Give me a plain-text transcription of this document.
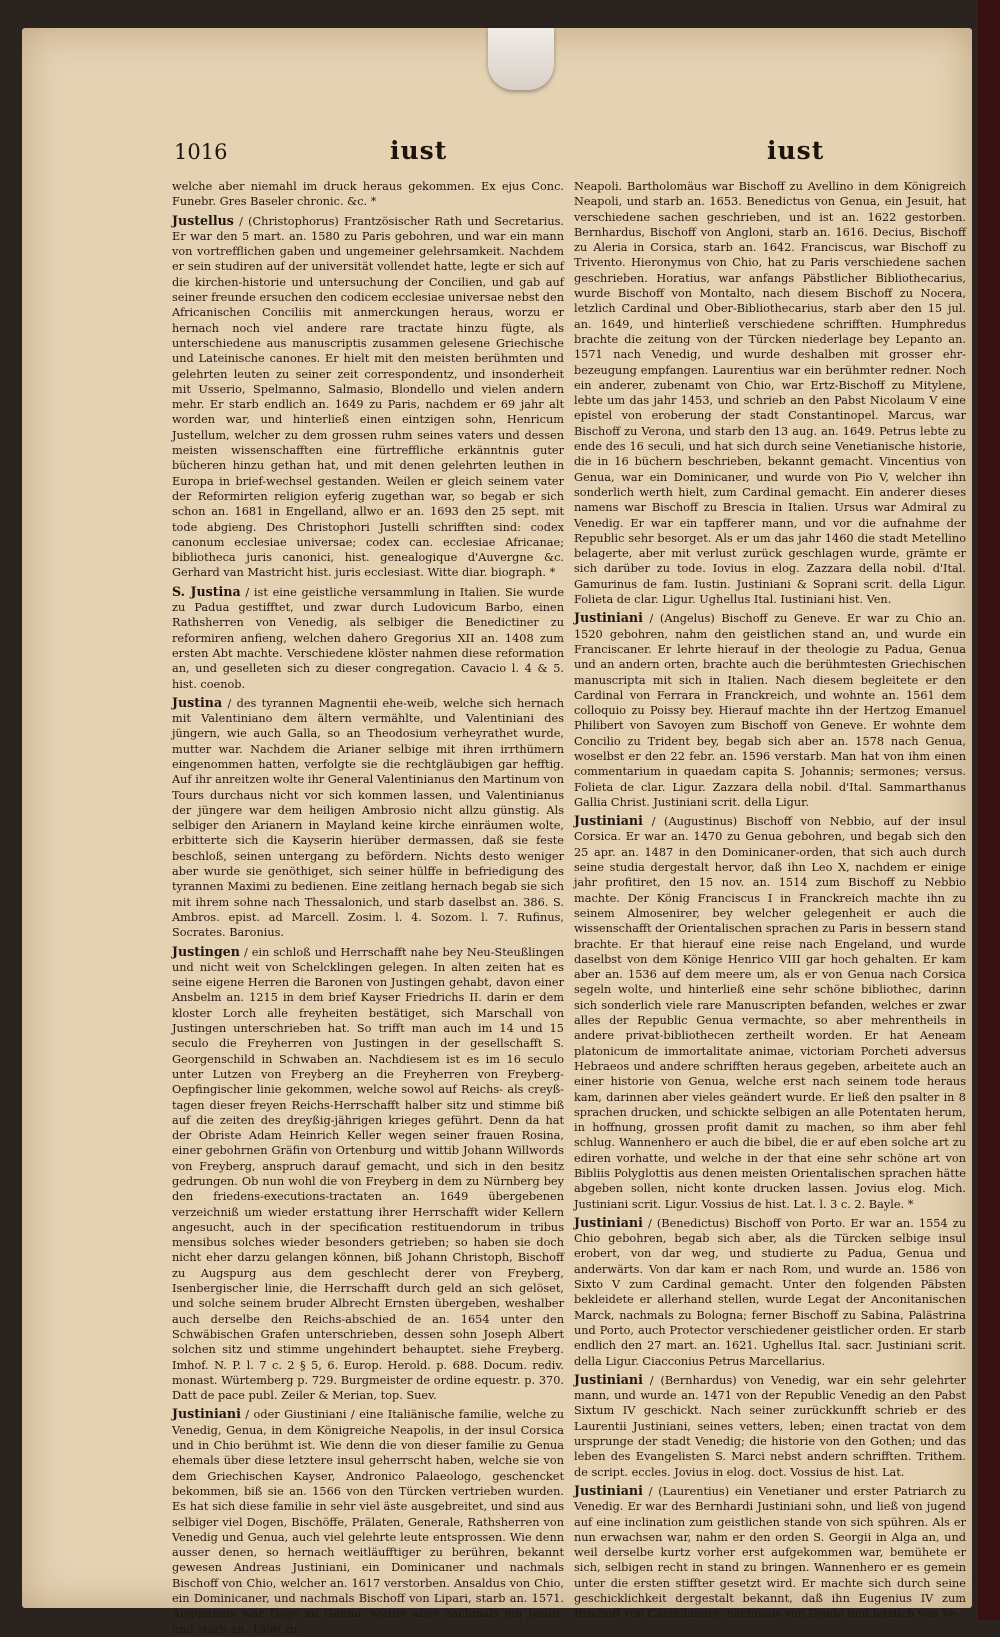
1016	iust	iust

welche aber niemahl im druck heraus gekommen. Ex ejus Conc. Funebr. Gres Baseler chronic. &c. *

Justellus / (Christophorus) Frantzösischer Rath und Secretarius. Er war den 5 mart. an. 1580 zu Paris gebohren, und war ein mann von vortrefflichen gaben und ungemeiner gelehrsamkeit. Nachdem er sein studiren auf der universität vollendet hatte, legte er sich auf die kirchen-historie und untersuchung der Concilien, und gab auf seiner freunde ersuchen den codicem ecclesiae universae nebst den Africanischen Conciliis mit anmerckungen heraus, worzu er hernach noch viel andere rare tractate hinzu fügte, als unterschiedene aus manuscriptis zusammen gelesene Griechische und Lateinische canones. Er hielt mit den meisten berühmten und gelehrten leuten zu seiner zeit correspondentz, und insonderheit mit Usserio, Spelmanno, Salmasio, Blondello und vielen andern mehr. Er starb endlich an. 1649 zu Paris, nachdem er 69 jahr alt worden war, und hinterließ einen eintzigen sohn, Henricum Justellum, welcher zu dem grossen ruhm seines vaters und dessen meisten wissenschafften eine fürtreffliche erkänntnis guter bücheren hinzu gethan hat, und mit denen gelehrten leuthen in Europa in brief-wechsel gestanden. Weilen er gleich seinem vater der Reformirten religion eyferig zugethan war, so begab er sich schon an. 1681 in Engelland, allwo er an. 1693 den 25 sept. mit tode abgieng. Des Christophori Justelli schrifften sind: codex canonum ecclesiae universae; codex can. ecclesiae Africanae; bibliotheca juris canonici, hist. genealogique d'Auvergne &c. Gerhard van Mastricht hist. juris ecclesiast. Witte diar. biograph. *

S. Justina / ist eine geistliche versammlung in Italien. Sie wurde zu Padua gestifftet, und zwar durch Ludovicum Barbo, einen Rathsherren von Venedig, als selbiger die Benedictiner zu reformiren anfieng, welchen dahero Gregorius XII an. 1408 zum ersten Abt machte. Verschiedene klöster nahmen diese reformation an, und geselleten sich zu dieser congregation. Cavacio l. 4 & 5. hist. coenob.

Justina / des tyrannen Magnentii ehe-weib, welche sich hernach mit Valentiniano dem ältern vermählte, und Valentiniani des jüngern, wie auch Galla, so an Theodosium verheyrathet wurde, mutter war. Nachdem die Arianer selbige mit ihren irrthümern eingenommen hatten, verfolgte sie die rechtgläubigen gar hefftig. Auf ihr anreitzen wolte ihr General Valentinianus den Martinum von Tours durchaus nicht vor sich kommen lassen, und Valentinianus der jüngere war dem heiligen Ambrosio nicht allzu günstig. Als selbiger den Arianern in Mayland keine kirche einräumen wolte, erbitterte sich die Kayserin hierüber dermassen, daß sie feste beschloß, seinen untergang zu befördern. Nichts desto weniger aber wurde sie genöthiget, sich seiner hülffe in befriedigung des tyrannen Maximi zu bedienen. Eine zeitlang hernach begab sie sich mit ihrem sohne nach Thessalonich, und starb daselbst an. 386. S. Ambros. epist. ad Marcell. Zosim. l. 4. Sozom. l. 7. Rufinus, Socrates. Baronius.

Justingen / ein schloß und Herrschafft nahe bey Neu-Steußlingen und nicht weit von Schelcklingen gelegen. In alten zeiten hat es seine eigene Herren die Baronen von Justingen gehabt, davon einer Ansbelm an. 1215 in dem brief Kayser Friedrichs II. darin er dem kloster Lorch alle freyheiten bestätiget, sich Marschall von Justingen unterschrieben hat. So trifft man auch im 14 und 15 seculo die Freyherren von Justingen in der gesellschafft S. Georgenschild in Schwaben an. Nachdiesem ist es im 16 seculo unter Lutzen von Freyberg an die Freyherren von Freyberg-Oepfingischer linie gekommen, welche sowol auf Reichs- als creyß-tagen dieser freyen Reichs-Herrschafft halber sitz und stimme biß auf die zeiten des dreyßig-jährigen krieges geführt. Denn da hat der Obriste Adam Heinrich Keller wegen seiner frauen Rosina, einer gebohrnen Gräfin von Ortenburg und wittib Johann Willwords von Freyberg, anspruch darauf gemacht, und sich in den besitz gedrungen. Ob nun wohl die von Freyberg in dem zu Nürnberg bey den friedens-executions-tractaten an. 1649 übergebenen verzeichniß um wieder erstattung ihrer Herrschafft wider Kellern angesucht, auch in der specification restituendorum in tribus mensibus solches wieder besonders getrieben; so haben sie doch nicht eher darzu gelangen können, biß Johann Christoph, Bischoff zu Augspurg aus dem geschlecht derer von Freyberg, Isenbergischer linie, die Herrschafft durch geld an sich gelöset, und solche seinem bruder Albrecht Ernsten übergeben, weshalber auch derselbe den Reichs-abschied de an. 1654 unter den Schwäbischen Grafen unterschrieben, dessen sohn Joseph Albert solchen sitz und stimme ungehindert behauptet. siehe Freyberg. Imhof. N. P. l. 7 c. 2 § 5, 6. Europ. Herold. p. 688. Docum. rediv. monast. Würtemberg p. 729. Burgmeister de ordine equestr. p. 370. Datt de pace publ. Zeiler & Merian, top. Suev.

Justiniani / oder Giustiniani / eine Italiänische familie, welche zu Venedig, Genua, in dem Königreiche Neapolis, in der insul Corsica und in Chio berühmt ist. Wie denn die von dieser familie zu Genua ehemals über diese letztere insul geherrscht haben, welche sie von dem Griechischen Kayser, Andronico Palaeologo, geschencket bekommen, biß sie an. 1566 von den Türcken vertrieben wurden. Es hat sich diese familie in sehr viel äste ausgebreitet, und sind aus selbiger viel Dogen, Bischöffe, Prälaten, Generale, Rathsherren von Venedig und Genua, auch viel gelehrte leute entsprossen. Wie denn ausser denen, so hernach weitläufftiger zu berühren, bekannt gewesen Andreas Justiniani, ein Dominicaner und nachmals Bischoff von Chio, welcher an. 1617 verstorben. Ansaldus von Chio, ein Dominicaner, und nachmals Bischoff von Lipari, starb an. 1571. Augustinus war Doge zu Genua, wurde aber nachmals ein Jesuit, und starb an. 1590 zu

Neapoli. Bartholomäus war Bischoff zu Avellino in dem Königreich Neapoli, und starb an. 1653. Benedictus von Genua, ein Jesuit, hat verschiedene sachen geschrieben, und ist an. 1622 gestorben. Bernhardus, Bischoff von Angloni, starb an. 1616. Decius, Bischoff zu Aleria in Corsica, starb an. 1642. Franciscus, war Bischoff zu Trivento. Hieronymus von Chio, hat zu Paris verschiedene sachen geschrieben. Horatius, war anfangs Päbstlicher Bibliothecarius, wurde Bischoff von Montalto, nach diesem Bischoff zu Nocera, letzlich Cardinal und Ober-Bibliothecarius, starb aber den 15 jul. an. 1649, und hinterließ verschiedene schrifften. Humphredus brachte die zeitung von der Türcken niederlage bey Lepanto an. 1571 nach Venedig, und wurde deshalben mit grosser ehr-bezeugung empfangen. Laurentius war ein berühmter redner. Noch ein anderer, zubenamt von Chio, war Ertz-Bischoff zu Mitylene, lebte um das jahr 1453, und schrieb an den Pabst Nicolaum V eine epistel von eroberung der stadt Constantinopel. Marcus, war Bischoff zu Verona, und starb den 13 aug. an. 1649. Petrus lebte zu ende des 16 seculi, und hat sich durch seine Venetianische historie, die in 16 büchern beschrieben, bekannt gemacht. Vincentius von Genua, war ein Dominicaner, und wurde von Pio V, welcher ihn sonderlich werth hielt, zum Cardinal gemacht. Ein anderer dieses namens war Bischoff zu Brescia in Italien. Ursus war Admiral zu Venedig. Er war ein tapfferer mann, und vor die aufnahme der Republic sehr besorget. Als er um das jahr 1460 die stadt Metellino belagerte, aber mit verlust zurück geschlagen wurde, grämte er sich darüber zu tode. Iovius in elog. Zazzara della nobil. d'Ital. Gamurinus de fam. Iustin. Justiniani & Soprani scrit. della Ligur. Folieta de clar. Ligur. Ughellus Ital. Iustiniani hist. Ven.

Justiniani / (Angelus) Bischoff zu Geneve. Er war zu Chio an. 1520 gebohren, nahm den geistlichen stand an, und wurde ein Franciscaner. Er lehrte hierauf in der theologie zu Padua, Genua und an andern orten, brachte auch die berühmtesten Griechischen manuscripta mit sich in Italien. Nach diesem begleitete er den Cardinal von Ferrara in Franckreich, und wohnte an. 1561 dem colloquio zu Poissy bey. Hierauf machte ihn der Hertzog Emanuel Philibert von Savoyen zum Bischoff von Geneve. Er wohnte dem Concilio zu Trident bey, begab sich aber an. 1578 nach Genua, woselbst er den 22 febr. an. 1596 verstarb. Man hat von ihm einen commentarium in quaedam capita S. Johannis; sermones; versus. Folieta de clar. Ligur. Zazzara della nobil. d'Ital. Sammarthanus Gallia Christ. Justiniani scrit. della Ligur.

Justiniani / (Augustinus) Bischoff von Nebbio, auf der insul Corsica. Er war an. 1470 zu Genua gebohren, und begab sich den 25 apr. an. 1487 in den Dominicaner-orden, that sich auch durch seine studia dergestalt hervor, daß ihn Leo X, nachdem er einige jahr profitiret, den 15 nov. an. 1514 zum Bischoff zu Nebbio machte. Der König Franciscus I in Franckreich machte ihn zu seinem Almosenirer, bey welcher gelegenheit er auch die wissenschafft der Orientalischen sprachen zu Paris in bessern stand brachte. Er that hierauf eine reise nach Engeland, und wurde daselbst von dem Könige Henrico VIII gar hoch gehalten. Er kam aber an. 1536 auf dem meere um, als er von Genua nach Corsica segeln wolte, und hinterließ eine sehr schöne bibliothec, darinn sich sonderlich viele rare Manuscripten befanden, welches er zwar alles der Republic Genua vermachte, so aber mehrentheils in andere privat-bibliothecen zertheilt worden. Er hat Aeneam platonicum de immortalitate animae, victoriam Porcheti adversus Hebraeos und andere schrifften heraus gegeben, arbeitete auch an einer historie von Genua, welche erst nach seinem tode heraus kam, darinnen aber vieles geändert wurde. Er ließ den psalter in 8 sprachen drucken, und schickte selbigen an alle Potentaten herum, in hoffnung, grossen profit damit zu machen, so ihm aber fehl schlug. Wannenhero er auch die bibel, die er auf eben solche art zu ediren vorhatte, und welche in der that eine sehr schöne art von Bibliis Polyglottis aus denen meisten Orientalischen sprachen hätte abgeben sollen, nicht konte drucken lassen. Jovius elog. Mich. Justiniani scrit. Ligur. Vossius de hist. Lat. l. 3 c. 2. Bayle. *

Justiniani / (Benedictus) Bischoff von Porto. Er war an. 1554 zu Chio gebohren, begab sich aber, als die Türcken selbige insul erobert, von dar weg, und studierte zu Padua, Genua und anderwärts. Von dar kam er nach Rom, und wurde an. 1586 von Sixto V zum Cardinal gemacht. Unter den folgenden Päbsten bekleidete er allerhand stellen, wurde Legat der Anconitanischen Marck, nachmals zu Bologna; ferner Bischoff zu Sabina, Palästrina und Porto, auch Protector verschiedener geistlicher orden. Er starb endlich den 27 mart. an. 1621. Ughellus Ital. sacr. Justiniani scrit. della Ligur. Ciacconius Petrus Marcellarius.

Justiniani / (Bernhardus) von Venedig, war ein sehr gelehrter mann, und wurde an. 1471 von der Republic Venedig an den Pabst Sixtum IV geschickt. Nach seiner zurückkunfft schrieb er des Laurentii Justiniani, seines vetters, leben; einen tractat von dem ursprunge der stadt Venedig; die historie von den Gothen; und das leben des Evangelisten S. Marci nebst andern schrifften. Trithem. de script. eccles. Jovius in elog. doct. Vossius de hist. Lat.

Justiniani / (Laurentius) ein Venetianer und erster Patriarch zu Venedig. Er war des Bernhardi Justiniani sohn, und ließ von jugend auf eine inclination zum geistlichen stande von sich spühren. Als er nun erwachsen war, nahm er den orden S. Georgii in Alga an, und weil derselbe kurtz vorher erst aufgekommen war, bemühete er sich, selbigen recht in stand zu bringen. Wannenhero er es gemein unter die ersten stiffter gesetzt wird. Er machte sich durch seine geschicklichkeit dergestalt bekannt, daß ihn Eugenius IV zum Bischoff von Castellanete, nachmals von Grado und letzlich von Ve-
